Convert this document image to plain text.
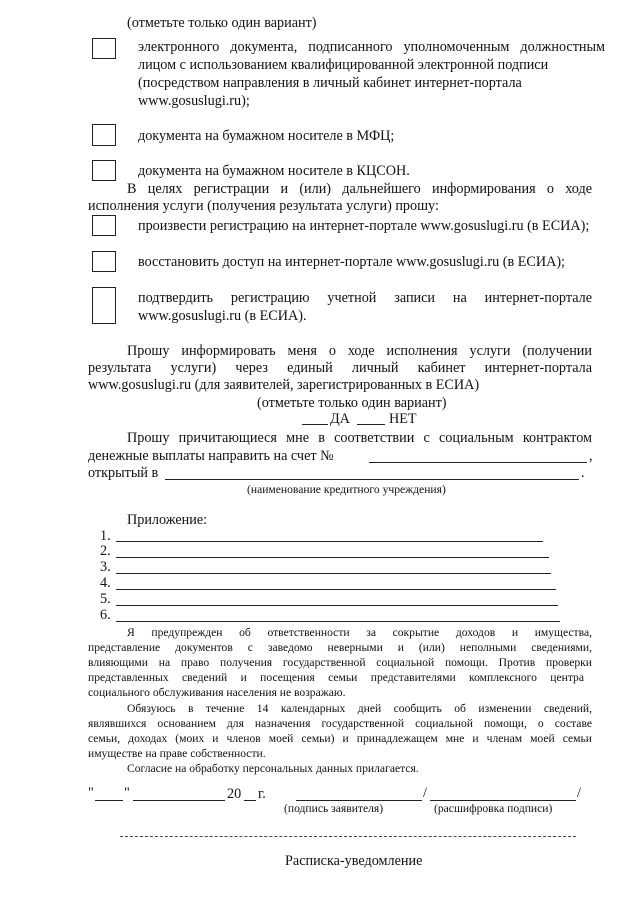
(отметьте только один вариант)
электронного документа, подписанного уполномоченным должностным
лицом с использованием квалифицированной электронной подписи
(посредством направления в личный кабинет интернет-портала
www.gosuslugi.ru);
документа на бумажном носителе в МФЦ;
документа на бумажном носителе в КЦСОН.
В целях регистрации и (или) дальнейшего информирования о ходе
исполнения услуги (получения результата услуги) прошу:
произвести регистрацию на интернет-портале www.gosuslugi.ru (в ЕСИА);
восстановить доступ на интернет-портале www.gosuslugi.ru (в ЕСИА);
подтвердить регистрацию учетной записи на интернет-портале
www.gosuslugi.ru (в ЕСИА).
Прошу информировать меня о ходе исполнения услуги (получении
результата услуги) через единый личный кабинет интернет-портала
www.gosuslugi.ru (для заявителей, зарегистрированных в ЕСИА)
(отметьте только один вариант)
ДА	НЕТ
Прошу причитающиеся мне в соответствии с социальным контрактом
денежные выплаты направить на счет №	,
открытый в	.
(наименование кредитного учреждения)
Приложение:
1.
2.
3.
4.
5.
6.
Я предупрежден об ответственности за сокрытие доходов и имущества,
представление документов с заведомо неверными и (или) неполными сведениями,
влияющими на право получения государственной социальной помощи. Против проверки
представленных сведений и посещения семьи представителями комплексного центра
социального обслуживания населения не возражаю.
Обязуюсь в течение 14 календарных дней сообщить об изменении сведений,
являвшихся основанием для назначения государственной социальной помощи, о составе
семьи, доходах (моих и членов моей семьи) и принадлежащем мне и членам моей семьи
имуществе на праве собственности.
Согласие на обработку персональных данных прилагается.
" "	20 г.	/	/
(подпись заявителя)	(расшифровка подписи)
Расписка-уведомление
